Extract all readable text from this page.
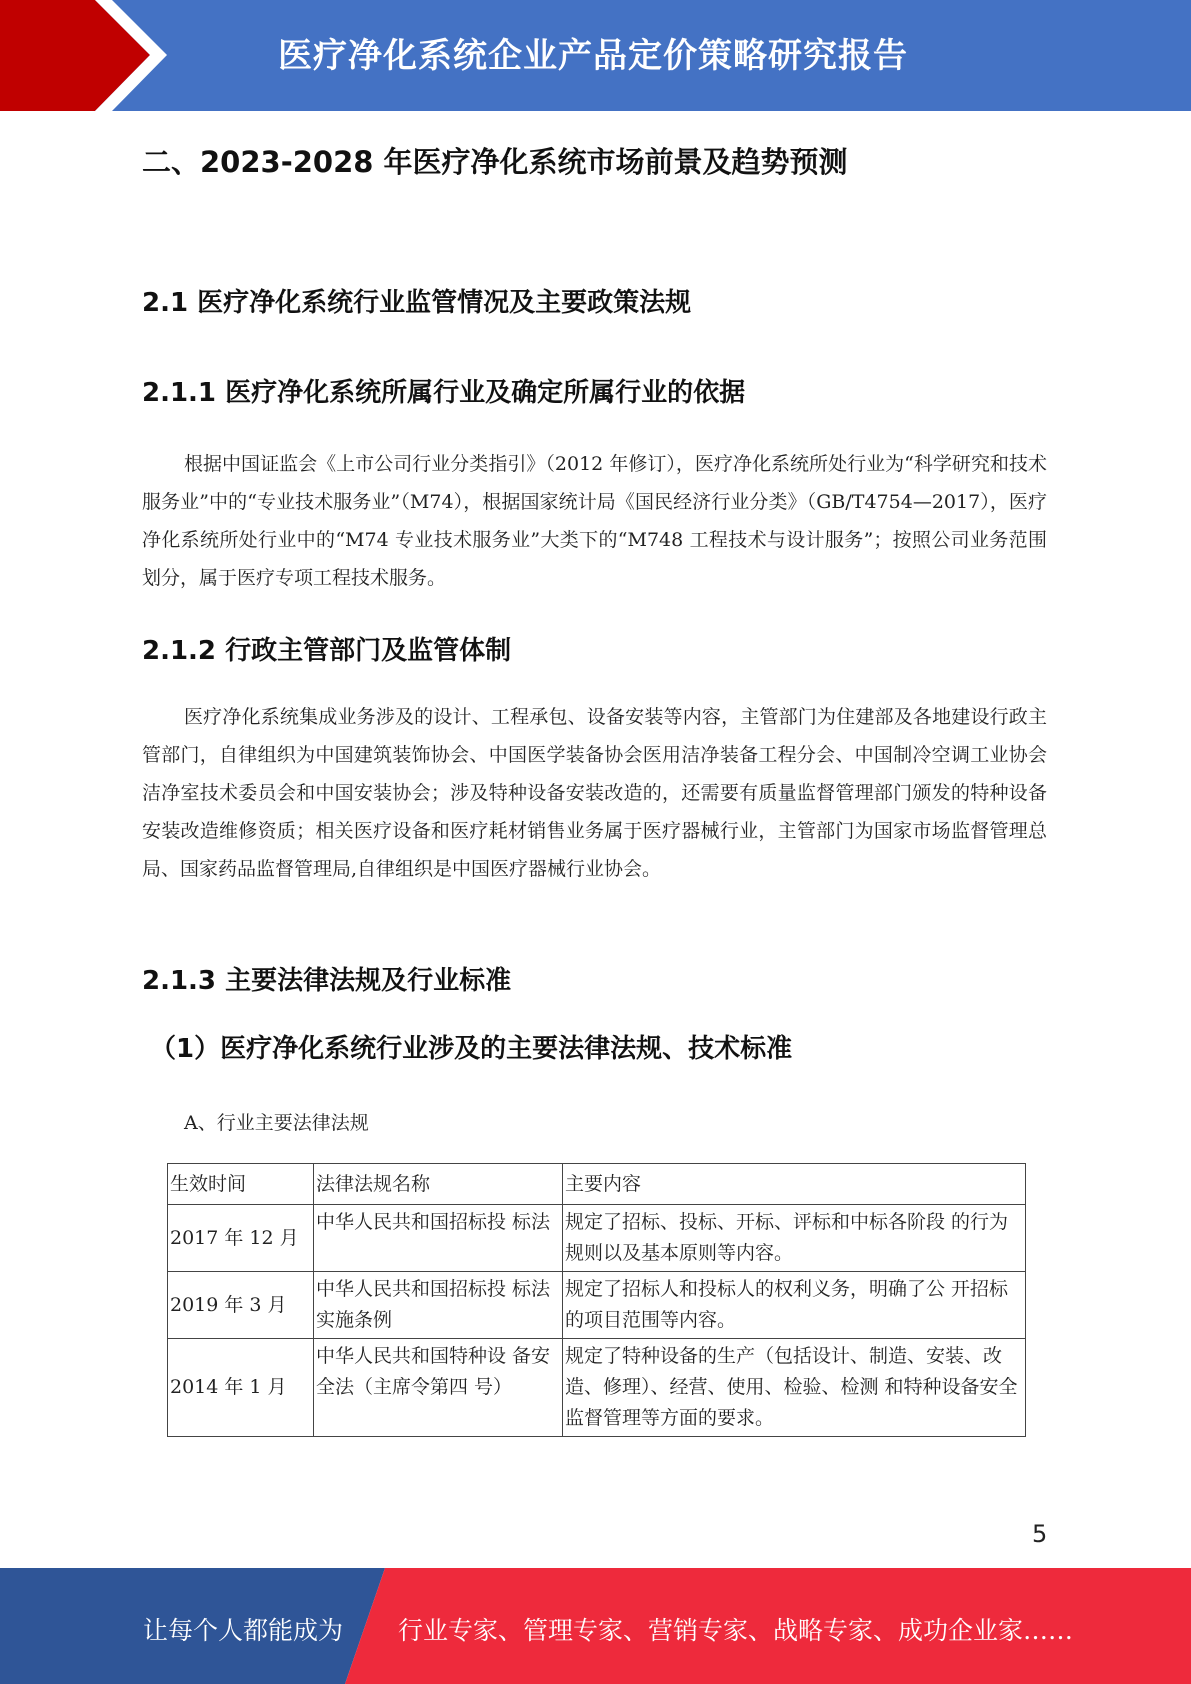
医疗净化系统企业产品定价策略研究报告
二、2023-2028 年医疗净化系统市场前景及趋势预测
2.1 医疗净化系统行业监管情况及主要政策法规
2.1.1 医疗净化系统所属行业及确定所属行业的依据

根据中国证监会《上市公司行业分类指引》（2012 年修订），医疗净化系统所处行业为“科学研究和技术服务业”中的“专业技术服务业”（M74），根据国家统计局《国民经济行业分类》（GB/T4754—2017），医疗净化系统所处行业中的“M74 专业技术服务业”大类下的“M748 工程技术与设计服务”；按照公司业务范围划分，属于医疗专项工程技术服务。

2.1.2 行政主管部门及监管体制

医疗净化系统集成业务涉及的设计、工程承包、设备安装等内容，主管部门为住建部及各地建设行政主管部门，自律组织为中国建筑装饰协会、中国医学装备协会医用洁净装备工程分会、中国制冷空调工业协会洁净室技术委员会和中国安装协会；涉及特种设备安装改造的，还需要有质量监督管理部门颁发的特种设备安装改造维修资质；相关医疗设备和医疗耗材销售业务属于医疗器械行业，主管部门为国家市场监督管理总局、国家药品监督管理局,自律组织是中国医疗器械行业协会。

2.1.3 主要法律法规及行业标准
（1）医疗净化系统行业涉及的主要法律法规、技术标准
A、行业主要法律法规
生效时间	法律法规名称	主要内容
2017 年 12 月	中华人民共和国招标投 标法	规定了招标、投标、开标、评标和中标各阶段 的行为规则以及基本原则等内容。
2019 年 3 月	中华人民共和国招标投 标法实施条例	规定了招标人和投标人的权利义务，明确了公 开招标的项目范围等内容。
2014 年 1 月	中华人民共和国特种设 备安全法（主席令第四 号）	规定了特种设备的生产（包括设计、制造、安装、改造、修理）、经营、使用、检验、检测 和特种设备安全监督管理等方面的要求。
5
让每个人都能成为 行业专家、管理专家、营销专家、战略专家、成功企业家……
